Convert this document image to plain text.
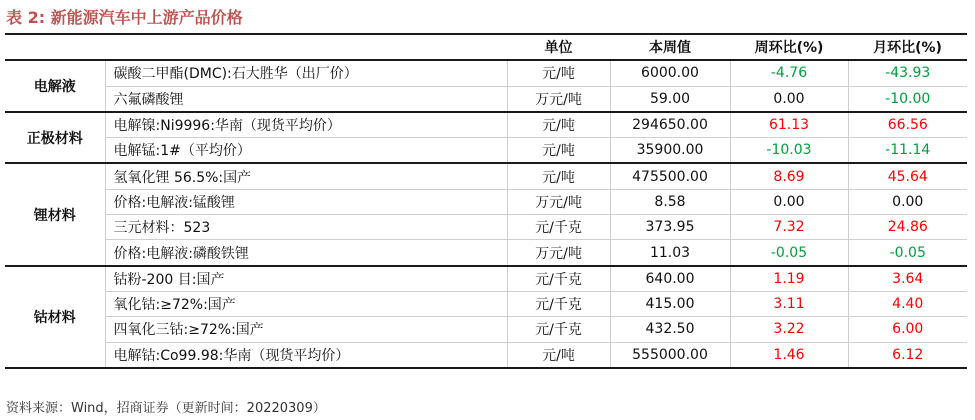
表 2: 新能源汽车中上游产品价格
		单位	本周值	周环比(%)	月环比(%)
电解液	碳酸二甲酯(DMC):石大胜华（出厂价）	元/吨	6000.00	-4.76	-43.93
	六氟磷酸锂	万元/吨	59.00	0.00	-10.00
正极材料	电解镍:Ni9996:华南（现货平均价）	元/吨	294650.00	61.13	66.56
	电解锰:1#（平均价）	元/吨	35900.00	-10.03	-11.14
锂材料	氢氧化锂 56.5%:国产	元/吨	475500.00	8.69	45.64
	价格:电解液:锰酸锂	万元/吨	8.58	0.00	0.00
	三元材料：523	元/千克	373.95	7.32	24.86
	价格:电解液:磷酸铁锂	万元/吨	11.03	-0.05	-0.05
钴材料	钴粉-200 目:国产	元/千克	640.00	1.19	3.64
	氧化钴:≥72%:国产	元/千克	415.00	3.11	4.40
	四氧化三钴:≥72%:国产	元/千克	432.50	3.22	6.00
	电解钴:Co99.98:华南（现货平均价）	元/吨	555000.00	1.46	6.12
资料来源：Wind，招商证券（更新时间：20220309）
